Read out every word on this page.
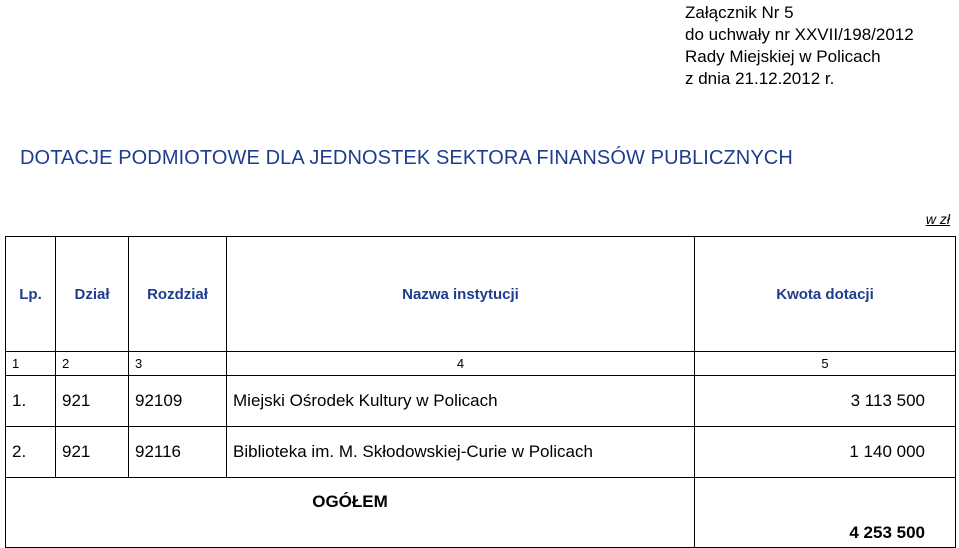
Załącznik Nr 5
do uchwały nr XXVII/198/2012
Rady Miejskiej w Policach
z dnia 21.12.2012 r.
DOTACJE PODMIOTOWE DLA JEDNOSTEK SEKTORA FINANSÓW PUBLICZNYCH
w zł
Lp.	Dział	Rozdział	Nazwa instytucji	Kwota dotacji
1	2	3	4	5
1.	921	92109	Miejski Ośrodek Kultury w Policach	3 113 500
2.	921	92116	Biblioteka im. M. Skłodowskiej-Curie w Policach	1 140 000
OGÓŁEM				4 253 500
